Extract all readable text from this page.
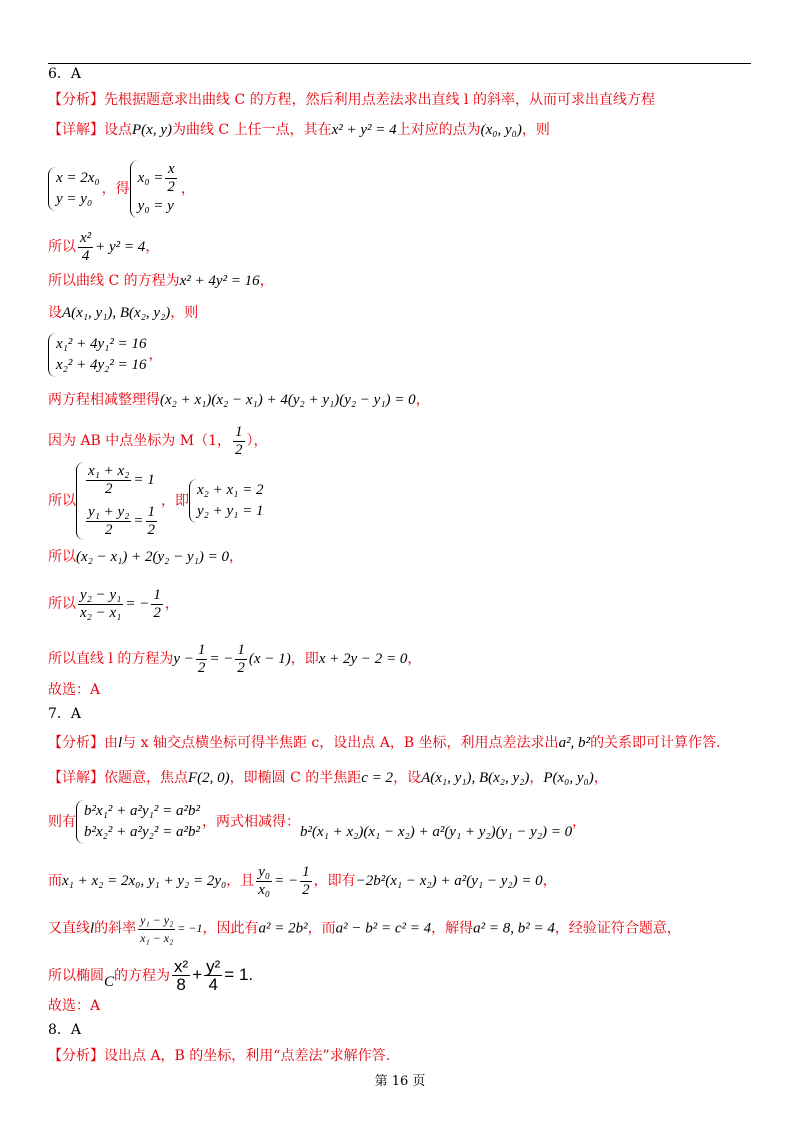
6．A
【分析】先根据题意求出曲线 C 的方程，然后利用点差法求出直线 l 的斜率，从而可求出直线方程
【详解】设点P(x, y)为曲线 C 上任一点，其在x² + y² = 4上对应的点为(x₀, y₀)，则
x = 2x₀
y = y₀
，得
$x_0 = \frac{x}{2}$
y₀ = y
，
所以 $\frac{\text{x²}}{4} + y^2 = 4$，
所以曲线 C 的方程为x² + 4y² = 16，
设A(x₁, y₁), B(x₂, y₂)，则
x₁² + 4y₁² = 16
x₂² + 4y₂² = 16
，
两方程相减整理得(x₂ + x₁)(x₂ − x₁) + 4(y₂ + y₁)(y₂ − y₁) = 0，
因为 AB 中点坐标为 M（1， $\frac{1}{2}$ ），
所以
$\frac{\text{x₁ + x₂}}{2} = 1$
$\frac{\text{y₁ + y₂}}{2} = \frac{1}{2}$
，即
x₂ + x₁ = 2
y₂ + y₁ = 1
所以(x₂ − x₁) + 2(y₂ − y₁) = 0，
所以 $\frac{\text{y₂ − y₁}}{\text{x₂ − x₁}}$ = − $\frac{1}{2}$ ，
所以直线 l 的方程为$y - \frac{1}{2}$ = − $\frac{1}{2} (x - 1)$，即x + 2y − 2 = 0，
故选：A
7．A
【分析】由l与 x 轴交点横坐标可得半焦距 c，设出点 A，B 坐标，利用点差法求出a², b²的关系即可计算作答.
【详解】依题意，焦点F(2, 0)，即椭圆 C 的半焦距c = 2，设A(x₁, y₁), B(x₂, y₂)，P(x₀, y₀)，
则有
b²x₁² + a²y₁² = a²b²
b²x₂² + a²y₂² = a²b²
，两式相减得：b²(x₁ + x₂)(x₁ − x₂) + a²(y₁ + y₂)(y₁ − y₂) = 0，
而x₁ + x₂ = 2x₀, y₁ + y₂ = 2y₀，且 $\frac{\text{y₀}}{\text{x₀}}$ = − $\frac{1}{2}$ ，即有−2b²(x₁ − x₂) + a²(y₁ − y₂) = 0，
又直线l的斜率 $\frac{\text{y₁ − y₂}}{\text{x₁ − x₂}} = -1$，因此有a² = 2b²，而a² − b² = c² = 4，解得a² = 8, b² = 4，经验证符合题意，
所以椭圆C的方程为 $\frac{\text{x²}}{8} + \frac{\text{y²}}{4} = 1$.
故选：A
8．A
【分析】设出点 A，B 的坐标，利用“点差法”求解作答.
第 16 页
